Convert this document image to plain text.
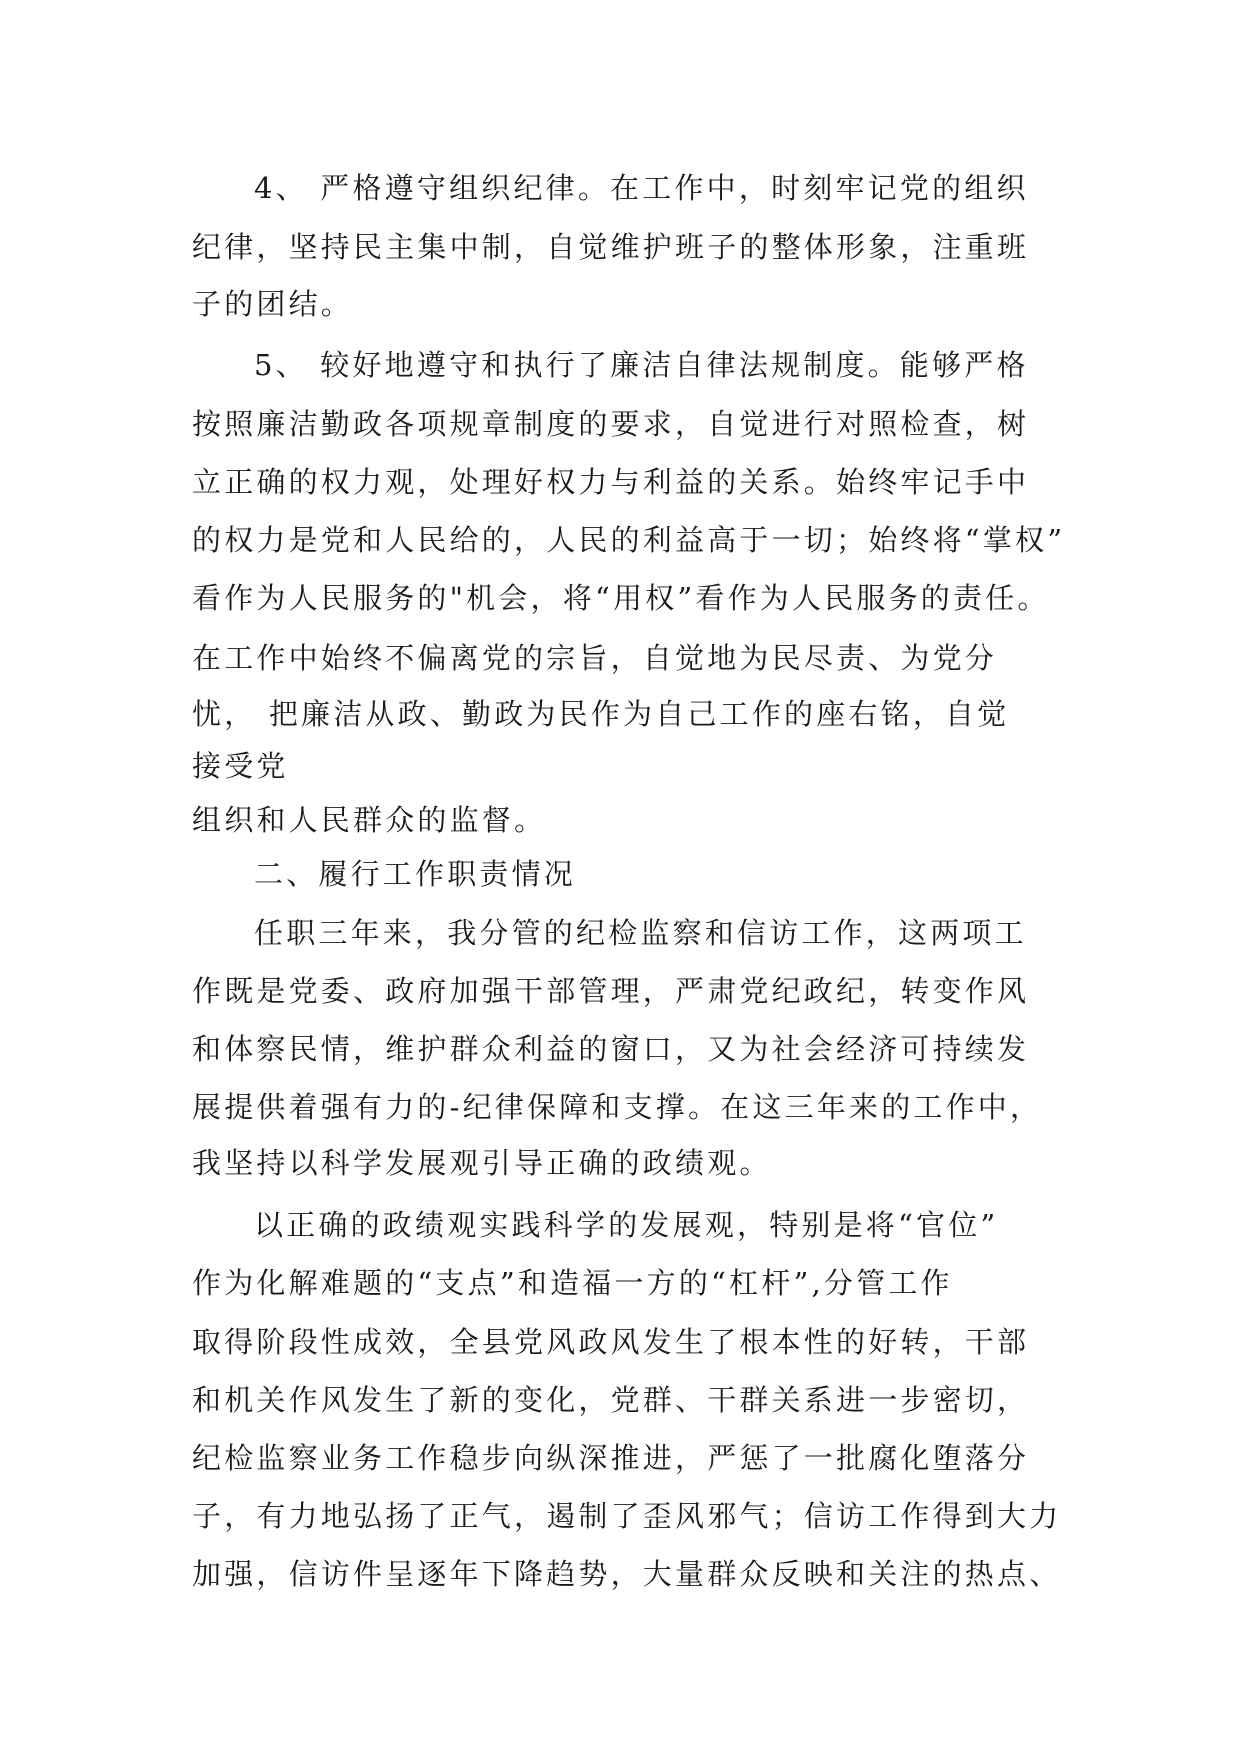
4、 严格遵守组织纪律。在工作中，时刻牢记党的组织

纪律，坚持民主集中制，自觉维护班子的整体形象，注重班

子的团结。

5、 较好地遵守和执行了廉洁自律法规制度。能够严格

按照廉洁勤政各项规章制度的要求，自觉进行对照检查，树

立正确的权力观，处理好权力与利益的关系。始终牢记手中

的权力是党和人民给的，人民的利益高于一切；始终将“掌权”

看作为人民服务的"机会，将“用权”看作为人民服务的责任。

在工作中始终不偏离党的宗旨，自觉地为民尽责、为党分

忧， 把廉洁从政、勤政为民作为自己工作的座右铭，自觉

接受党

组织和人民群众的监督。

二、履行工作职责情况

任职三年来，我分管的纪检监察和信访工作，这两项工

作既是党委、政府加强干部管理，严肃党纪政纪，转变作风

和体察民情，维护群众利益的窗口，又为社会经济可持续发

展提供着强有力的-纪律保障和支撑。在这三年来的工作中，

我坚持以科学发展观引导正确的政绩观。

以正确的政绩观实践科学的发展观，特别是将“官位”

作为化解难题的“支点”和造福一方的“杠杆”,分管工作

取得阶段性成效，全县党风政风发生了根本性的好转，干部

和机关作风发生了新的变化，党群、干群关系进一步密切，

纪检监察业务工作稳步向纵深推进，严惩了一批腐化堕落分

子，有力地弘扬了正气，遏制了歪风邪气；信访工作得到大力

加强，信访件呈逐年下降趋势，大量群众反映和关注的热点、
